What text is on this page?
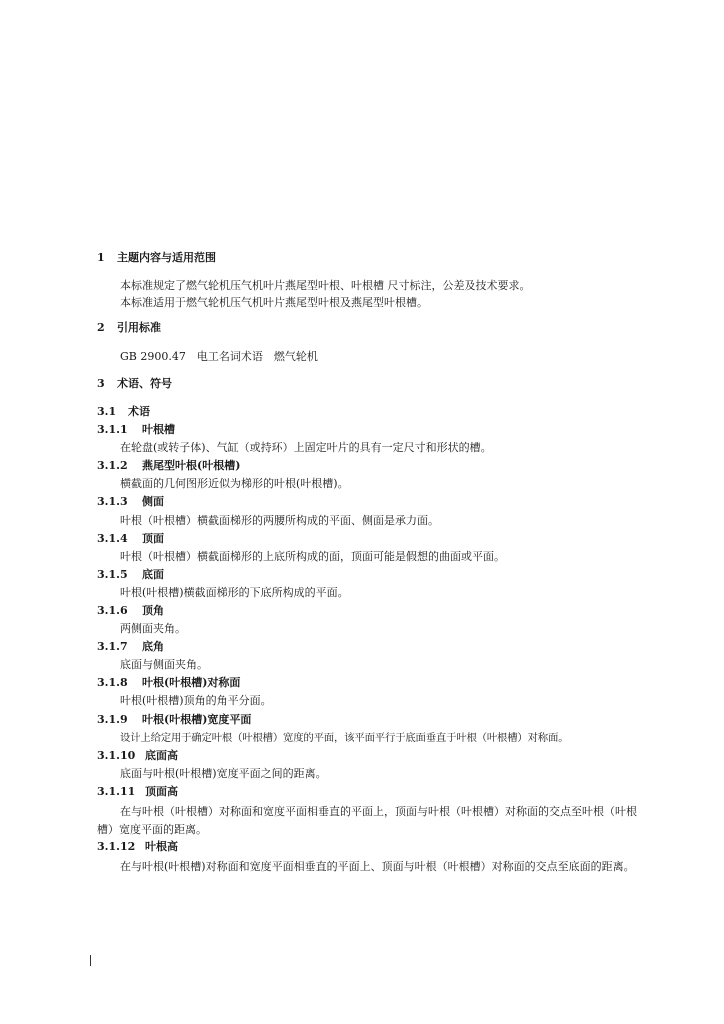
1 主题内容与适用范围
本标准规定了燃气轮机压气机叶片燕尾型叶根、叶根槽 尺寸标注，公差及技术要求。
本标准适用于燃气轮机压气机叶片燕尾型叶根及燕尾型叶根槽。
2 引用标准
GB 2900.47　电工名词术语　燃气轮机
3 术语、符号
3.1 术语
3.1.1 叶根槽
在轮盘(或转子体)、气缸（或持环）上固定叶片的具有一定尺寸和形状的槽。
3.1.2 燕尾型叶根(叶根槽)
横截面的几何图形近似为梯形的叶根(叶根槽)。
3.1.3 侧面
叶根（叶根槽）横截面梯形的两腰所构成的平面、侧面是承力面。
3.1.4 顶面
叶根（叶根槽）横截面梯形的上底所构成的面，顶面可能是假想的曲面或平面。
3.1.5 底面
叶根(叶根槽)横截面梯形的下底所构成的平面。
3.1.6 顶角
两侧面夹角。
3.1.7 底角
底面与侧面夹角。
3.1.8 叶根(叶根槽)对称面
叶根(叶根槽)顶角的角平分面。
3.1.9 叶根(叶根槽)宽度平面
设计上给定用于确定叶根（叶根槽）宽度的平面，该平面平行于底面垂直于叶根（叶根槽）对称面。
3.1.10 底面高
底面与叶根(叶根槽)宽度平面之间的距离。
3.1.11 顶面高
在与叶根（叶根槽）对称面和宽度平面相垂直的平面上，顶面与叶根（叶根槽）对称面的交点至叶根（叶根槽）宽度平面的距离。
3.1.12 叶根高
在与叶根(叶根槽)对称面和宽度平面相垂直的平面上、顶面与叶根（叶根槽）对称面的交点至底面的距离。
